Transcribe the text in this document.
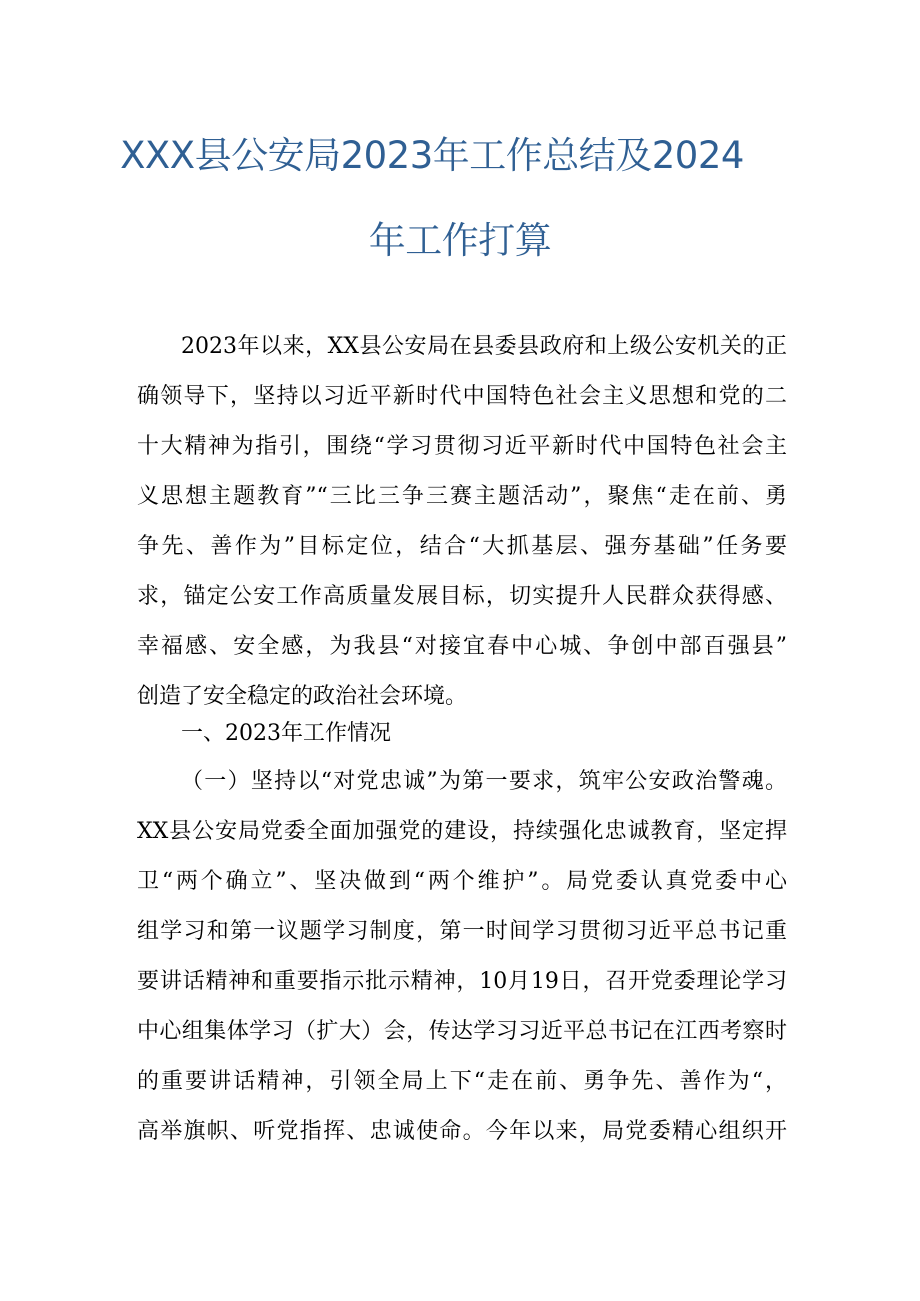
XXX县公安局2023年工作总结及2024
年工作打算
2023年以来，XX县公安局在县委县政府和上级公安机关的正
确领导下，坚持以习近平新时代中国特色社会主义思想和党的二
十大精神为指引，围绕“学习贯彻习近平新时代中国特色社会主
义思想主题教育”“三比三争三赛主题活动”，聚焦“走在前、勇
争先、善作为”目标定位，结合“大抓基层、强夯基础”任务要
求，锚定公安工作高质量发展目标，切实提升人民群众获得感、
幸福感、安全感，为我县“对接宜春中心城、争创中部百强县”
创造了安全稳定的政治社会环境。
一、2023年工作情况
（一）坚持以“对党忠诚”为第一要求，筑牢公安政治警魂。
XX县公安局党委全面加强党的建设，持续强化忠诚教育，坚定捍
卫“两个确立”、坚决做到“两个维护”。局党委认真党委中心
组学习和第一议题学习制度，第一时间学习贯彻习近平总书记重
要讲话精神和重要指示批示精神，10月19日，召开党委理论学习
中心组集体学习（扩大）会，传达学习习近平总书记在江西考察时
的重要讲话精神，引领全局上下“走在前、勇争先、善作为“，
高举旗帜、听党指挥、忠诚使命。今年以来，局党委精心组织开
